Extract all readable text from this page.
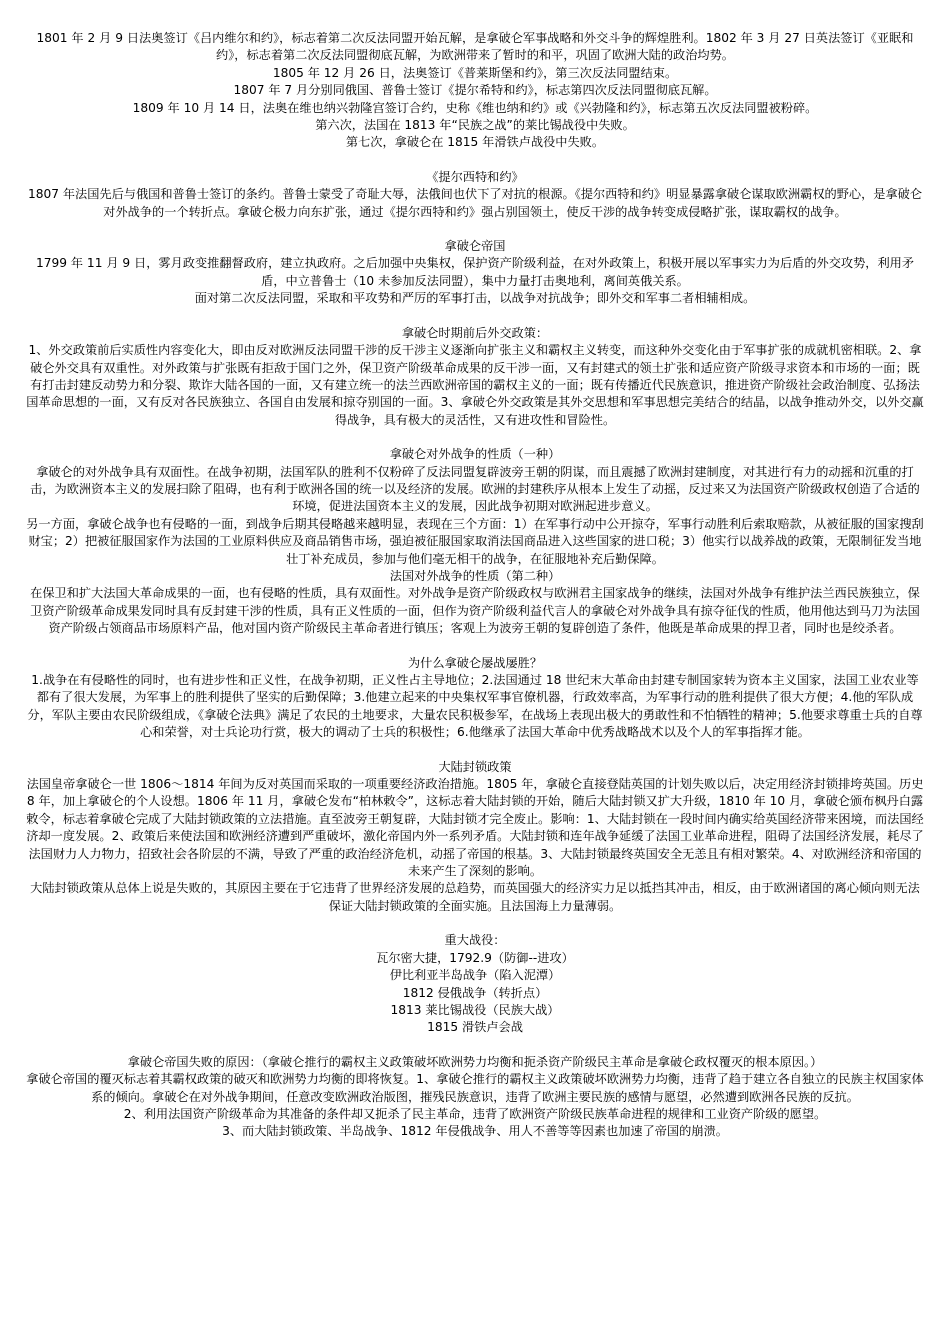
1801 年 2 月 9 日法奥签订《吕内维尔和约》，标志着第二次反法同盟开始瓦解，是拿破仑军事战略和外交斗争的辉煌胜利。1802 年 3 月 27 日英法签订《亚眠和约》，标志着第二次反法同盟彻底瓦解，为欧洲带来了暂时的和平，巩固了欧洲大陆的政治均势。

1805 年 12 月 26 日，法奥签订《普莱斯堡和约》，第三次反法同盟结束。

1807 年 7 月分别同俄国、普鲁士签订《提尔希特和约》，标志第四次反法同盟彻底瓦解。

1809 年 10 月 14 日，法奥在维也纳兴勃隆宫签订合约，史称《维也纳和约》或《兴勃隆和约》，标志第五次反法同盟被粉碎。

第六次，法国在 1813 年“民族之战”的莱比锡战役中失败。

第七次，拿破仑在 1815 年滑铁卢战役中失败。

《提尔西特和约》

1807 年法国先后与俄国和普鲁士签订的条约。普鲁士蒙受了奇耻大辱，法俄间也伏下了对抗的根源。《提尔西特和约》明显暴露拿破仑谋取欧洲霸权的野心，是拿破仑对外战争的一个转折点。拿破仑极力向东扩张，通过《提尔西特和约》强占别国领土，使反干涉的战争转变成侵略扩张，谋取霸权的战争。

拿破仑帝国

1799 年 11 月 9 日，雾月政变推翻督政府，建立执政府。之后加强中央集权，保护资产阶级利益，在对外政策上，积极开展以军事实力为后盾的外交攻势，利用矛盾，中立普鲁士（10 未参加反法同盟），集中力量打击奥地利，离间英俄关系。

面对第二次反法同盟，采取和平攻势和严厉的军事打击，以战争对抗战争；即外交和军事二者相辅相成。

拿破仑时期前后外交政策：

1、外交政策前后实质性内容变化大，即由反对欧洲反法同盟干涉的反干涉主义逐渐向扩张主义和霸权主义转变，而这种外交变化由于军事扩张的成就机密相联。2、拿破仑外交具有双重性。对外政策与扩张既有拒敌于国门之外，保卫资产阶级革命成果的反干涉一面，又有封建式的领土扩张和适应资产阶级寻求资本和市场的一面；既有打击封建反动势力和分裂、欺诈大陆各国的一面，又有建立统一的法兰西欧洲帝国的霸权主义的一面；既有传播近代民族意识，推进资产阶级社会政治制度、弘扬法国革命思想的一面，又有反对各民族独立、各国自由发展和掠夺别国的一面。3、拿破仑外交政策是其外交思想和军事思想完美结合的结晶，以战争推动外交，以外交赢得战争，具有极大的灵活性，又有进攻性和冒险性。

拿破仑对外战争的性质（一种）

拿破仑的对外战争具有双面性。在战争初期，法国军队的胜利不仅粉碎了反法同盟复辟波旁王朝的阴谋，而且震撼了欧洲封建制度，对其进行有力的动摇和沉重的打击，为欧洲资本主义的发展扫除了阻碍，也有利于欧洲各国的统一以及经济的发展。欧洲的封建秩序从根本上发生了动摇，反过来又为法国资产阶级政权创造了合适的环境，促进法国资本主义的发展，因此战争初期对欧洲起进步意义。

另一方面，拿破仑战争也有侵略的一面，到战争后期其侵略越来越明显，表现在三个方面：1）在军事行动中公开掠夺，军事行动胜利后索取赔款，从被征服的国家搜刮财宝；2）把被征服国家作为法国的工业原料供应及商品销售市场，强迫被征服国家取消法国商品进入这些国家的进口税；3）他实行以战养战的政策，无限制征发当地壮丁补充成员，参加与他们毫无相干的战争，在征服地补充后勤保障。

法国对外战争的性质（第二种）

在保卫和扩大法国大革命成果的一面，也有侵略的性质，具有双面性。对外战争是资产阶级政权与欧洲君主国家战争的继续，法国对外战争有维护法兰西民族独立，保卫资产阶级革命成果发同时具有反封建干涉的性质，具有正义性质的一面，但作为资产阶级利益代言人的拿破仑对外战争具有掠夺征伐的性质，他用他达到马刀为法国资产阶级占领商品市场原料产品，他对国内资产阶级民主革命者进行镇压；客观上为波旁王朝的复辟创造了条件，他既是革命成果的捍卫者，同时也是绞杀者。

为什么拿破仑屡战屡胜？

1.战争在有侵略性的同时，也有进步性和正义性，在战争初期，正义性占主导地位；2.法国通过 18 世纪末大革命由封建专制国家转为资本主义国家，法国工业农业等都有了很大发展，为军事上的胜利提供了坚实的后勤保障；3.他建立起来的中央集权军事官僚机器，行政效率高，为军事行动的胜利提供了很大方便；4.他的军队成分，军队主要由农民阶级组成，《拿破仑法典》满足了农民的土地要求，大量农民积极参军，在战场上表现出极大的勇敢性和不怕牺牲的精神；5.他要求尊重士兵的自尊心和荣誉，对士兵论功行赏，极大的调动了士兵的积极性；6.他继承了法国大革命中优秀战略战术以及个人的军事指挥才能。

大陆封锁政策

法国皇帝拿破仑一世 1806～1814 年间为反对英国而采取的一项重要经济政治措施。1805 年，拿破仑直接登陆英国的计划失败以后，决定用经济封锁排垮英国。历史 8 年，加上拿破仑的个人设想。1806 年 11 月，拿破仑发布“柏林敕令”，这标志着大陆封锁的开始，随后大陆封锁又扩大升级，1810 年 10 月，拿破仑颁布枫丹白露敕令，标志着拿破仑完成了大陆封锁政策的立法措施。直至波旁王朝复辟，大陆封锁才完全废止。影响：1、大陆封锁在一段时间内确实给英国经济带来困境，而法国经济却一度发展。2、政策后来使法国和欧洲经济遭到严重破坏，激化帝国内外一系列矛盾。大陆封锁和连年战争延缓了法国工业革命进程，阻碍了法国经济发展，耗尽了法国财力人力物力，招致社会各阶层的不满，导致了严重的政治经济危机，动摇了帝国的根基。3、大陆封锁最终英国安全无恙且有相对繁荣。4、对欧洲经济和帝国的未来产生了深刻的影响。

大陆封锁政策从总体上说是失败的，其原因主要在于它违背了世界经济发展的总趋势，而英国强大的经济实力足以抵挡其冲击，相反，由于欧洲诸国的离心倾向则无法保证大陆封锁政策的全面实施。且法国海上力量薄弱。

重大战役：

瓦尔密大捷，1792.9（防御--进攻）

伊比利亚半岛战争（陷入泥潭）

1812 侵俄战争（转折点）

1813 莱比锡战役（民族大战）

1815 滑铁卢会战

拿破仑帝国失败的原因：（拿破仑推行的霸权主义政策破坏欧洲势力均衡和扼杀资产阶级民主革命是拿破仑政权覆灭的根本原因。）

拿破仑帝国的覆灭标志着其霸权政策的破灭和欧洲势力均衡的即将恢复。1、拿破仑推行的霸权主义政策破坏欧洲势力均衡，违背了趋于建立各自独立的民族主权国家体系的倾向。拿破仑在对外战争期间，任意改变欧洲政治版图，摧残民族意识，违背了欧洲主要民族的感情与愿望，必然遭到欧洲各民族的反抗。

2、利用法国资产阶级革命为其准备的条件却又扼杀了民主革命，违背了欧洲资产阶级民族革命进程的规律和工业资产阶级的愿望。

3、而大陆封锁政策、半岛战争、1812 年侵俄战争、用人不善等等因素也加速了帝国的崩溃。
